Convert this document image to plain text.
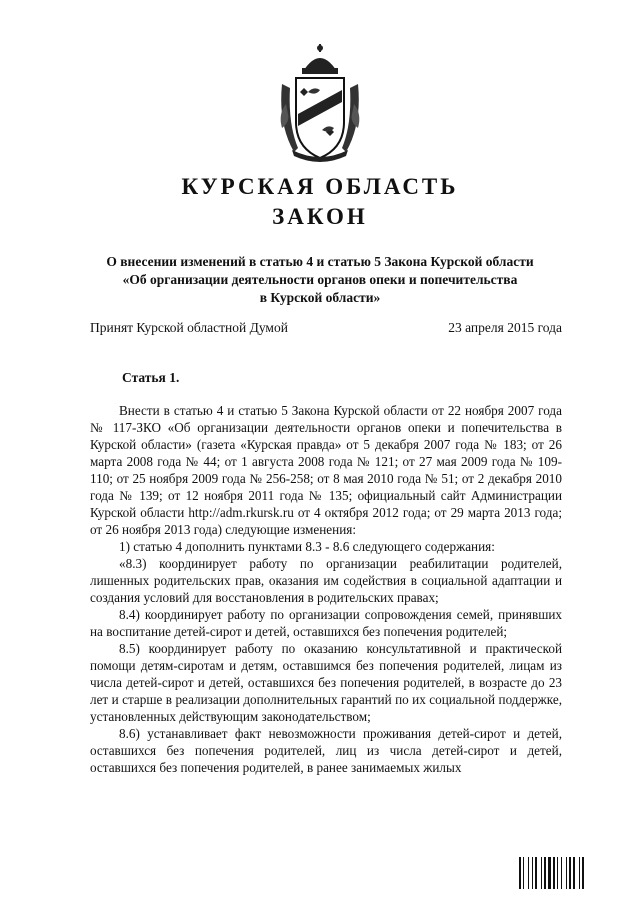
КУРСКАЯ ОБЛАСТЬ
ЗАКОН
О внесении изменений в статью 4 и статью 5 Закона Курской области
«Об организации деятельности органов опеки и попечительства
в Курской области»
Принят Курской областной Думой	23 апреля 2015 года
Статья 1.

Внести в статью 4 и статью 5 Закона Курской области от 22 ноября 2007 года № 117-ЗКО «Об организации деятельности органов опеки и попечительства в Курской области» (газета «Курская правда» от 5 декабря 2007 года № 183; от 26 марта 2008 года № 44; от 1 августа 2008 года № 121; от 27 мая 2009 года № 109-110; от 25 ноября 2009 года № 256-258; от 8 мая 2010 года № 51; от 2 декабря 2010 года № 139; от 12 ноября 2011 года № 135; официальный сайт Администрации Курской области http://adm.rkursk.ru от 4 октября 2012 года; от 29 марта 2013 года; от 26 ноября 2013 года) следующие изменения:

1) статью 4 дополнить пунктами 8.3 - 8.6 следующего содержания:

«8.3) координирует работу по организации реабилитации родителей, лишенных родительских прав, оказания им содействия в социальной адаптации и создания условий для восстановления в родительских правах;

8.4) координирует работу по организации сопровождения семей, принявших на воспитание детей-сирот и детей, оставшихся без попечения родителей;

8.5) координирует работу по оказанию консультативной и практической помощи детям-сиротам и детям, оставшимся без попечения родителей, лицам из числа детей-сирот и детей, оставшихся без попечения родителей, в возрасте до 23 лет и старше в реализации дополнительных гарантий по их социальной поддержке, установленных действующим законодательством;

8.6) устанавливает факт невозможности проживания детей-сирот и детей, оставшихся без попечения родителей, лиц из числа детей-сирот и детей, оставшихся без попечения родителей, в ранее занимаемых жилых
